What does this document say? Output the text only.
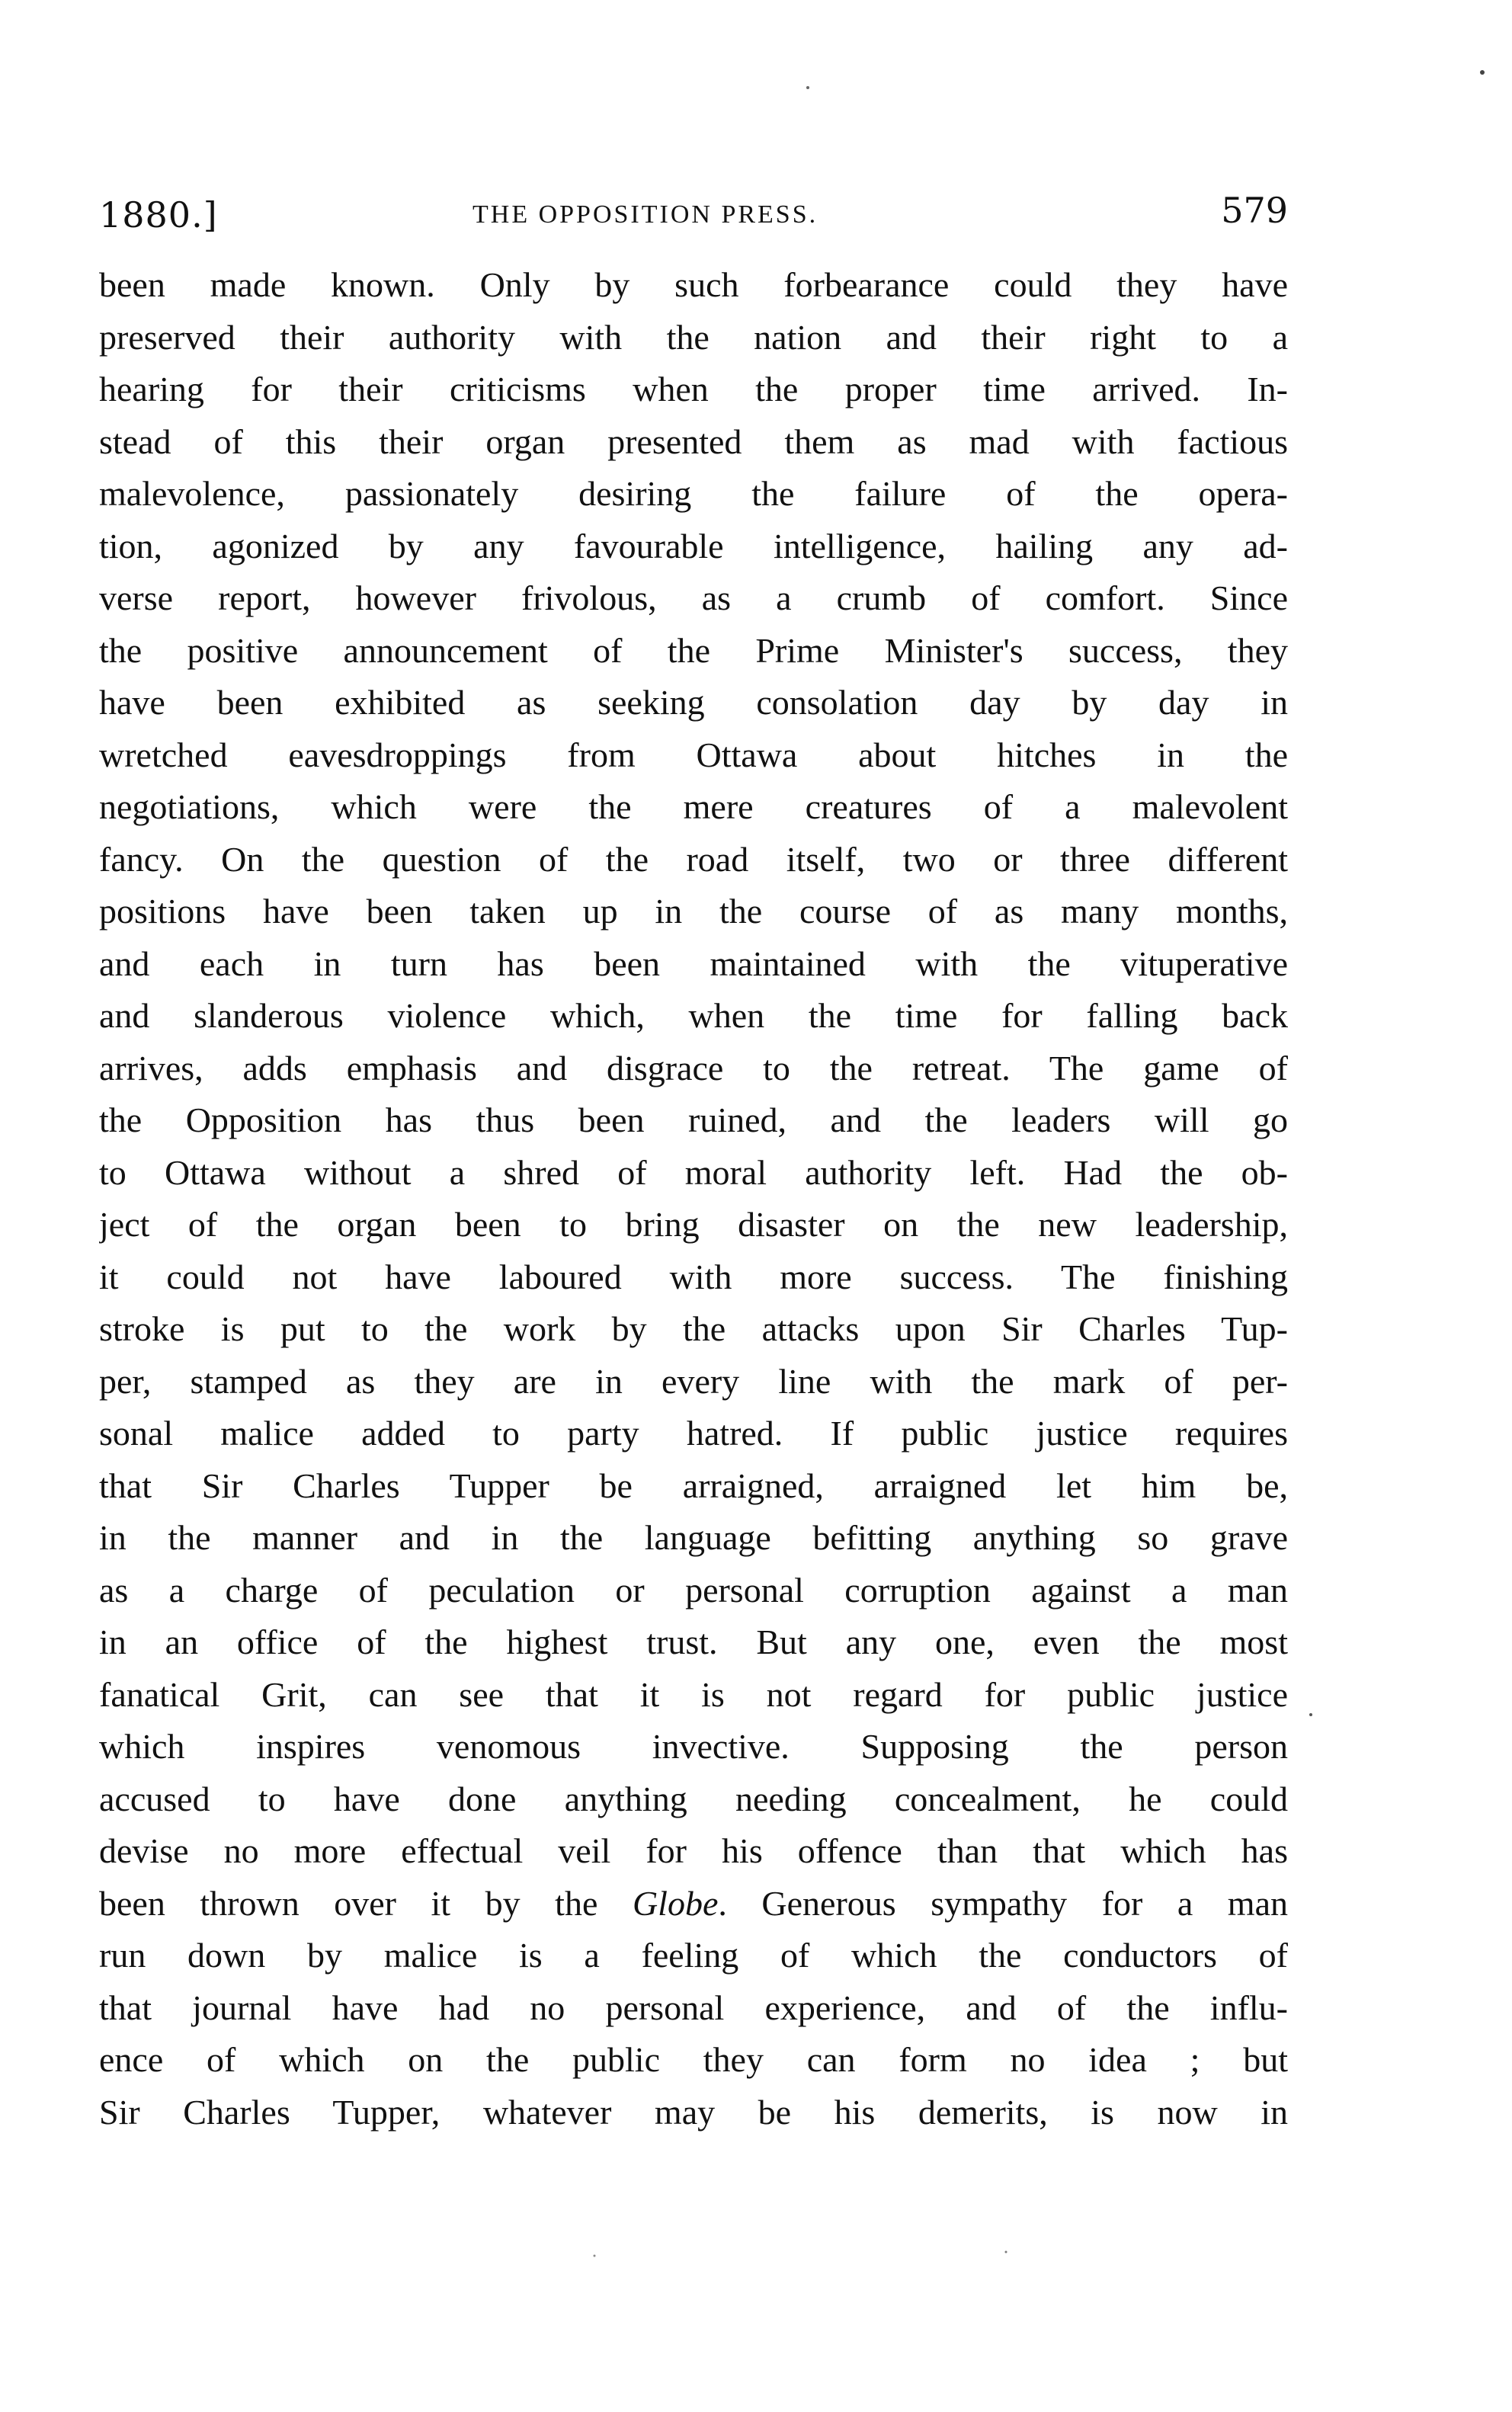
1880.]	THE OPPOSITION PRESS.	579
been made known. Only by such forbearance could they have
preserved their authority with the nation and their right to a
hearing for their criticisms when the proper time arrived. In-
stead of this their organ presented them as mad with factious
malevolence, passionately desiring the failure of the opera-
tion, agonized by any favourable intelligence, hailing any ad-
verse report, however frivolous, as a crumb of comfort. Since
the positive announcement of the Prime Minister's success, they
have been exhibited as seeking consolation day by day in
wretched eavesdroppings from Ottawa about hitches in the
negotiations, which were the mere creatures of a malevolent
fancy. On the question of the road itself, two or three different
positions have been taken up in the course of as many months,
and each in turn has been maintained with the vituperative
and slanderous violence which, when the time for falling back
arrives, adds emphasis and disgrace to the retreat. The game of
the Opposition has thus been ruined, and the leaders will go
to Ottawa without a shred of moral authority left. Had the ob-
ject of the organ been to bring disaster on the new leadership,
it could not have laboured with more success. The finishing
stroke is put to the work by the attacks upon Sir Charles Tup-
per, stamped as they are in every line with the mark of per-
sonal malice added to party hatred. If public justice requires
that Sir Charles Tupper be arraigned, arraigned let him be,
in the manner and in the language befitting anything so grave
as a charge of peculation or personal corruption against a man
in an office of the highest trust. But any one, even the most
fanatical Grit, can see that it is not regard for public justice
which inspires venomous invective. Supposing the person
accused to have done anything needing concealment, he could
devise no more effectual veil for his offence than that which has
been thrown over it by the Globe. Generous sympathy for a man
run down by malice is a feeling of which the conductors of
that journal have had no personal experience, and of the influ-
ence of which on the public they can form no idea ; but
Sir Charles Tupper, whatever may be his demerits, is now in
